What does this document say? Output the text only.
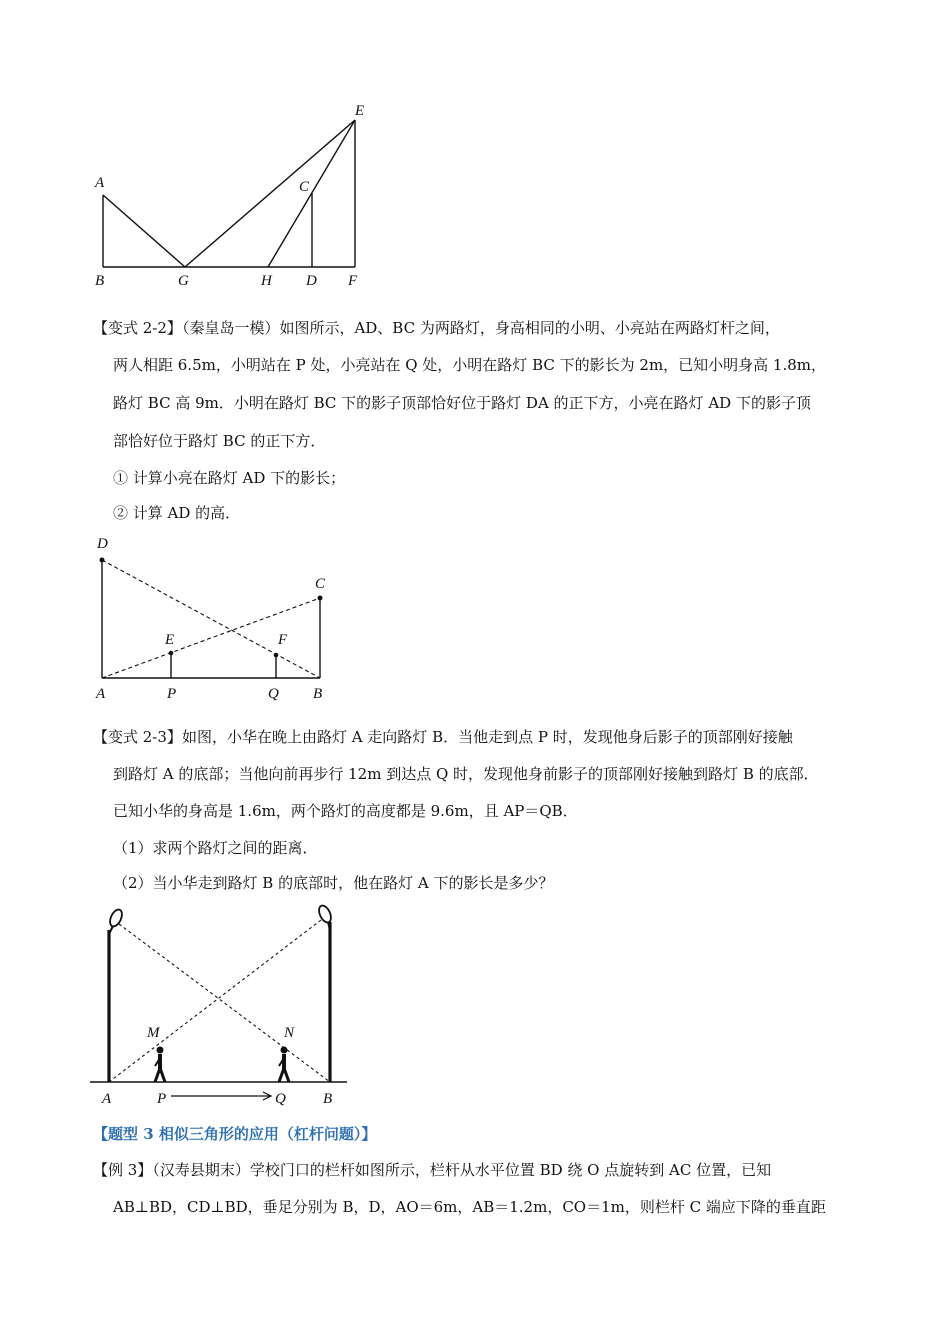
E
A	C
B	G	H D F
【变式 2-2】（秦皇岛一模）如图所示，AD、BC 为两路灯，身高相同的小明、小亮站在两路灯杆之间，
两人相距 6.5m，小明站在 P 处，小亮站在 Q 处，小明在路灯 BC 下的影长为 2m，已知小明身高 1.8m，
路灯 BC 高 9m．小明在路灯 BC 下的影子顶部恰好位于路灯 DA 的正下方，小亮在路灯 AD 下的影子顶
部恰好位于路灯 BC 的正下方．
① 计算小亮在路灯 AD 下的影长；
② 计算 AD 的高．
D
C
E	F
A	P	Q B
【变式 2-3】如图，小华在晚上由路灯 A 走向路灯 B．当他走到点 P 时，发现他身后影子的顶部刚好接触
到路灯 A 的底部；当他向前再步行 12m 到达点 Q 时，发现他身前影子的顶部刚好接触到路灯 B 的底部．
已知小华的身高是 1.6m，两个路灯的高度都是 9.6m，且 AP＝QB．
（1）求两个路灯之间的距离．
（2）当小华走到路灯 B 的底部时，他在路灯 A 下的影长是多少？
M	N
A	P	Q B
【题型 3 相似三角形的应用（杠杆问题）】
【例 3】（汉寿县期末）学校门口的栏杆如图所示，栏杆从水平位置 BD 绕 O 点旋转到 AC 位置，已知
AB⊥BD，CD⊥BD，垂足分别为 B，D，AO＝6m，AB＝1.2m，CO＝1m，则栏杆 C 端应下降的垂直距
